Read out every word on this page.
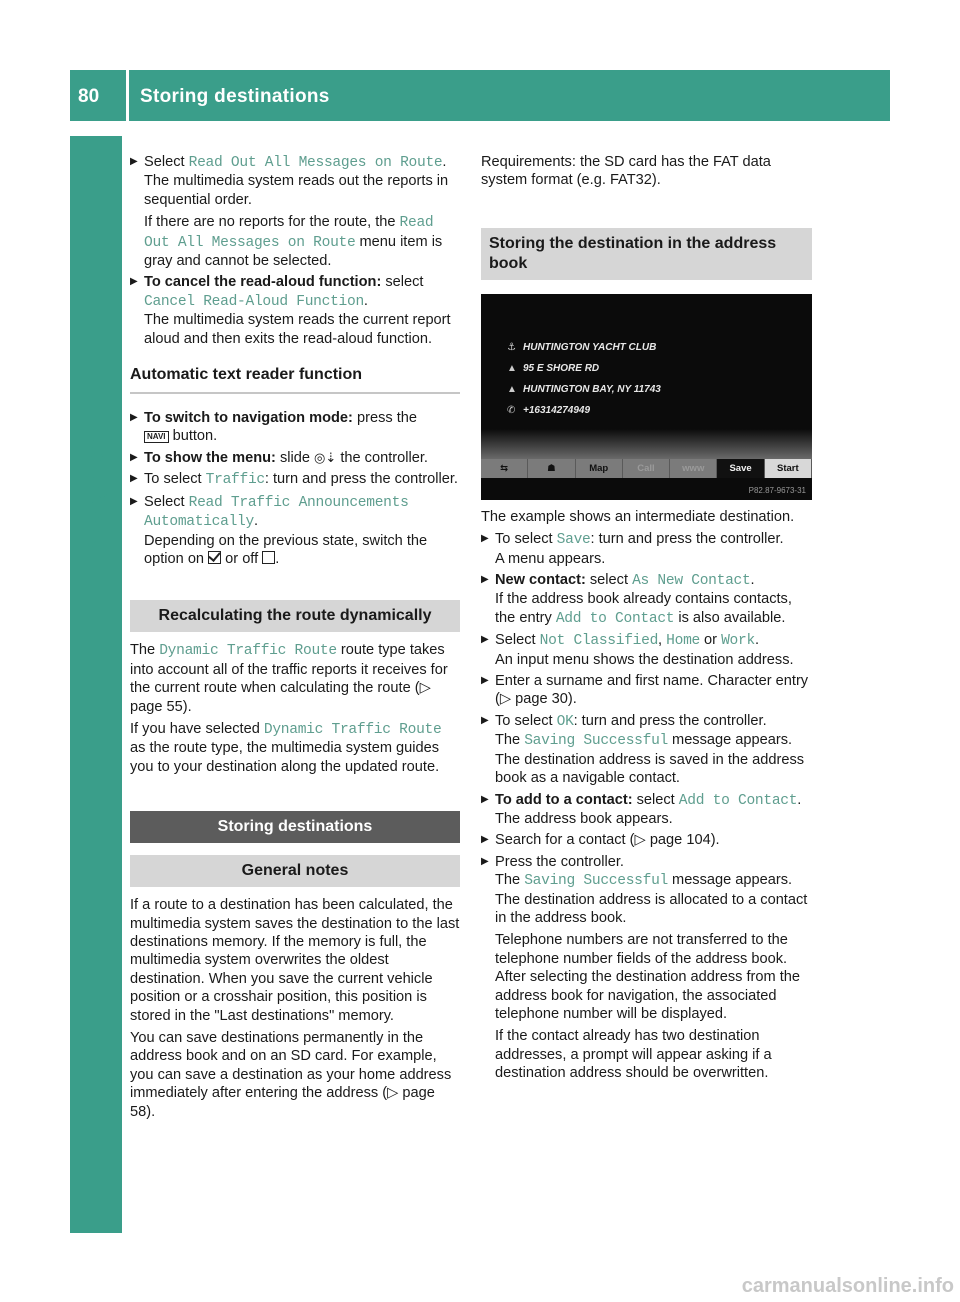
80 Storing destinations
Navigation
▶ Select Read Out All Messages on Route.
The multimedia system reads out the reports in sequential order.

If there are no reports for the route, the Read Out All Messages on Route menu item is gray and cannot be selected.

▶ To cancel the read-aloud function: select Cancel Read-Aloud Function.
The multimedia system reads the current report aloud and then exits the read-aloud function.

Automatic text reader function
▶ To switch to navigation mode: press the
NAVI button.

▶ To show the menu: slide ◎⇣ the controller.

▶ To select Traffic: turn and press the controller.

▶ Select Read Traffic Announcements Automatically.
Depending on the previous state, switch the option on  or off .

Recalculating the route dynamically

The Dynamic Traffic Route route type takes into account all of the traffic reports it receives for the current route when calculating the route (▷ page 55).

If you have selected Dynamic Traffic Route as the route type, the multimedia system guides you to your destination along the updated route.

Storing destinations
General notes

If a route to a destination has been calculated, the multimedia system saves the destination to the last destinations memory. If the memory is full, the multimedia system overwrites the oldest destination. When you save the current vehicle position or a crosshair position, this position is stored in the "Last destinations" memory.

You can save destinations permanently in the address book and on an SD card. For example, you can save a destination as your home address immediately after entering the address (▷ page 58).

Requirements: the SD card has the FAT data system format (e.g. FAT32).

Storing the destination in the address book
⚓ HUNTINGTON YACHT CLUB
▲ 95 E SHORE RD
▲ HUNTINGTON BAY, NY 11743
✆ +16314274949
⇆	☗	Map	Call	www	Save	Start
P82.87-9673-31

The example shows an intermediate destination.

▶ To select Save: turn and press the controller.
A menu appears.

▶ New contact: select As New Contact.
If the address book already contains contacts, the entry Add to Contact is also available.

▶ Select Not Classified, Home or Work.
An input menu shows the destination address.

▶ Enter a surname and first name. Character entry (▷ page 30).

▶ To select OK: turn and press the controller.
The Saving Successful message appears.
The destination address is saved in the address book as a navigable contact.

▶ To add to a contact: select Add to Contact.
The address book appears.

▶ Search for a contact (▷ page 104).

▶ Press the controller.
The Saving Successful message appears.
The destination address is allocated to a contact in the address book.

Telephone numbers are not transferred to the telephone number fields of the address book. After selecting the destination address from the address book for navigation, the associated telephone number will be displayed.

If the contact already has two destination addresses, a prompt will appear asking if a destination address should be overwritten.

carmanualsonline.info
